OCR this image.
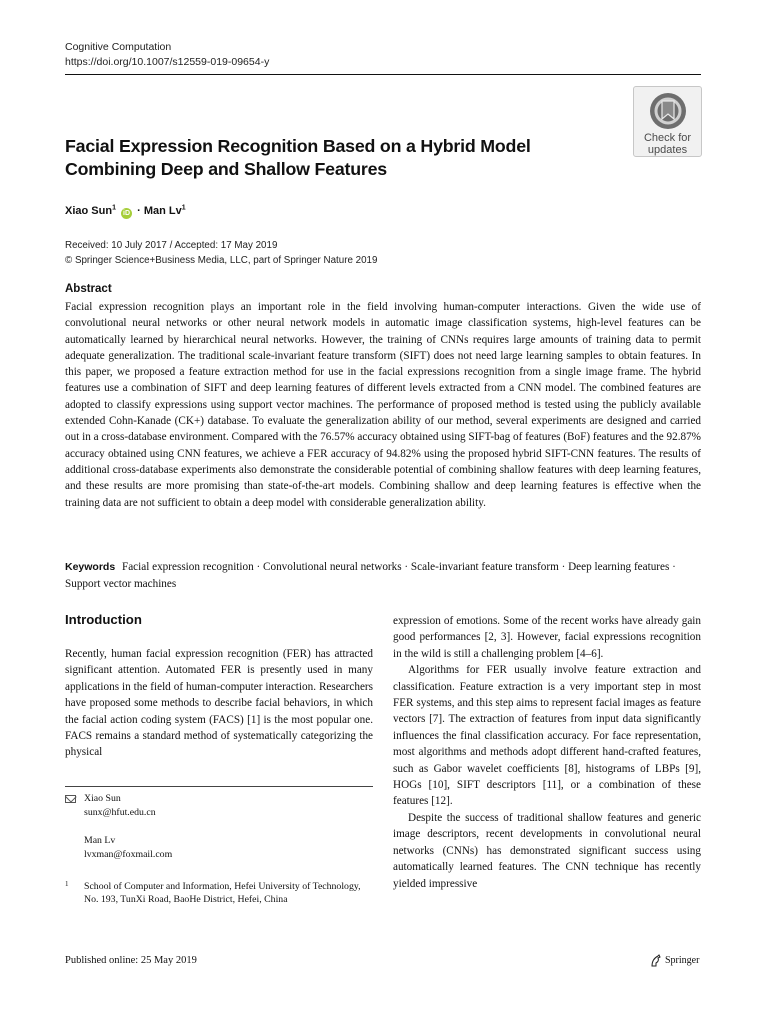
Cognitive Computation
https://doi.org/10.1007/s12559-019-09654-y
Check for
updates
Facial Expression Recognition Based on a Hybrid Model Combining Deep and Shallow Features
Xiao Sun$^1$ iD · Man Lv$^1$
Received: 10 July 2017 / Accepted: 17 May 2019
© Springer Science+Business Media, LLC, part of Springer Nature 2019
Abstract
Facial expression recognition plays an important role in the field involving human-computer interactions. Given the wide use of convolutional neural networks or other neural network models in automatic image classification systems, high-level features can be automatically learned by hierarchical neural networks. However, the training of CNNs requires large amounts of training data to permit adequate generalization. The traditional scale-invariant feature transform (SIFT) does not need large learning samples to obtain features. In this paper, we proposed a feature extraction method for use in the facial expressions recognition from a single image frame. The hybrid features use a combination of SIFT and deep learning features of different levels extracted from a CNN model. The combined features are adopted to classify expressions using support vector machines. The performance of proposed method is tested using the publicly available extended Cohn-Kanade (CK+) database. To evaluate the generalization ability of our method, several experiments are designed and carried out in a cross-database environment. Compared with the 76.57% accuracy obtained using SIFT-bag of features (BoF) features and the 92.87% accuracy obtained using CNN features, we achieve a FER accuracy of 94.82% using the proposed hybrid SIFT-CNN features. The results of additional cross-database experiments also demonstrate the considerable potential of combining shallow features with deep learning features, and these results are more promising than state-of-the-art models. Combining shallow and deep learning features is effective when the training data are not sufficient to obtain a deep model with considerable generalization ability.
Keywords Facial expression recognition · Convolutional neural networks · Scale-invariant feature transform · Deep learning features · Support vector machines
Introduction

Recently, human facial expression recognition (FER) has attracted significant attention. Automated FER is presently used in many applications in the field of human-computer interaction. Researchers have proposed some methods to describe facial behaviors, in which the facial action coding system (FACS) [1] is the most popular one. FACS remains a standard method of systematically categorizing the physical

expression of emotions. Some of the recent works have already gain good performances [2, 3]. However, facial expressions recognition in the wild is still a challenging problem [4–6].

Algorithms for FER usually involve feature extraction and classification. Feature extraction is a very important step in most FER systems, and this step aims to represent facial images as feature vectors [7]. The extraction of features from input data significantly influences the final classification accuracy. For face representation, most algorithms and methods adopt different hand-crafted features, such as Gabor wavelet coefficients [8], histograms of LBPs [9], HOGs [10], SIFT descriptors [11], or a combination of these features [12].

Despite the success of traditional shallow features and generic image descriptors, recent developments in convolutional neural networks (CNNs) has demonstrated significant success using automatically learned features. The CNN technique has recently yielded impressive

Xiao Sun
sunx@hfut.edu.cn
Man Lv
lvxman@foxmail.com
1 School of Computer and Information, Hefei University of Technology, No. 193, TunXi Road, BaoHe District, Hefei, China
Published online: 25 May 2019	Springer
